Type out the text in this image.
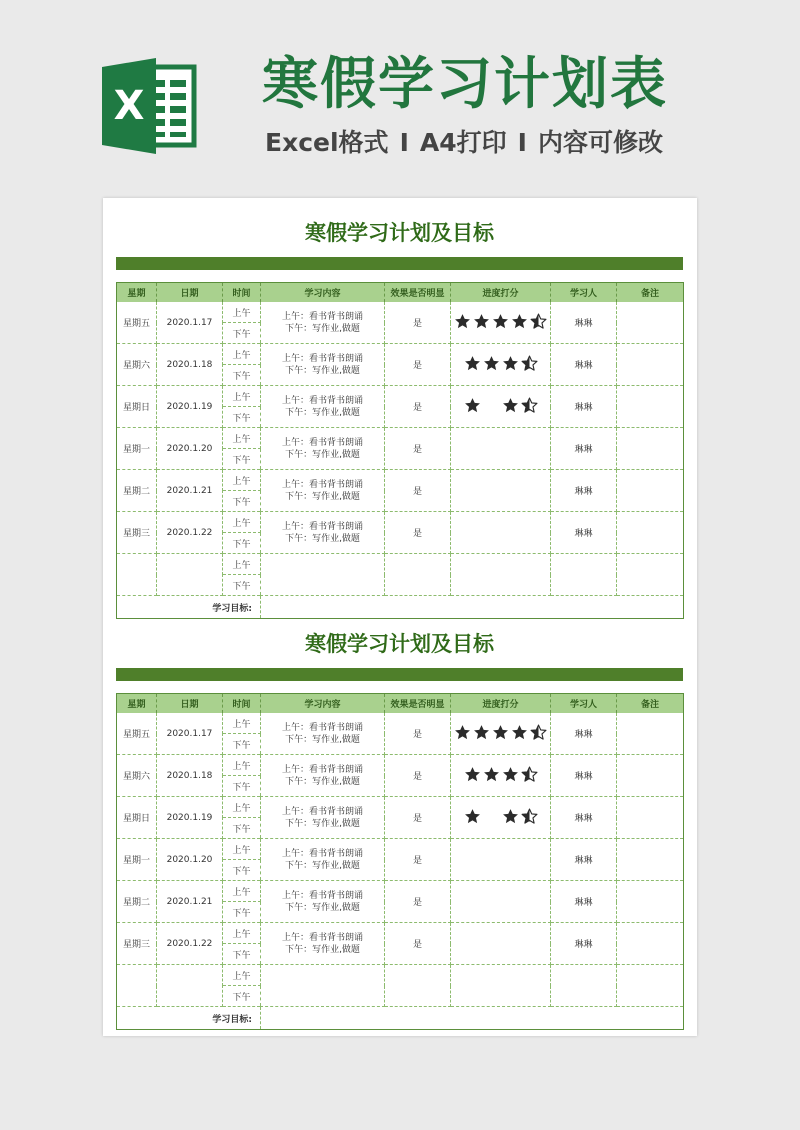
X 寒假学习计划表
Excel格式 I A4打印 I 内容可修改
寒假学习计划及目标
星期	日期	时间	学习内容	效果是否明显	进度打分	学习人	备注
星期五	2020.1.17	上午	上午：看书背书朗诵
下午：写作业,做题	是		琳琳	
		下午					
星期六	2020.1.18	上午	上午：看书背书朗诵
下午：写作业,做题	是		琳琳	
		下午					
星期日	2020.1.19	上午	上午：看书背书朗诵
下午：写作业,做题	是		琳琳	
		下午					
星期一	2020.1.20	上午	上午：看书背书朗诵
下午：写作业,做题	是		琳琳	
		下午					
星期二	2020.1.21	上午	上午：看书背书朗诵
下午：写作业,做题	是		琳琳	
		下午					
星期三	2020.1.22	上午	上午：看书背书朗诵
下午：写作业,做题	是		琳琳	
		下午					
		上午	

		下午					
学习目标:							
寒假学习计划及目标
星期	日期	时间	学习内容	效果是否明显	进度打分	学习人	备注
星期五	2020.1.17	上午	上午：看书背书朗诵
下午：写作业,做题	是		琳琳	
		下午					
星期六	2020.1.18	上午	上午：看书背书朗诵
下午：写作业,做题	是		琳琳	
		下午					
星期日	2020.1.19	上午	上午：看书背书朗诵
下午：写作业,做题	是		琳琳	
		下午					
星期一	2020.1.20	上午	上午：看书背书朗诵
下午：写作业,做题	是		琳琳	
		下午					
星期二	2020.1.21	上午	上午：看书背书朗诵
下午：写作业,做题	是		琳琳	
		下午					
星期三	2020.1.22	上午	上午：看书背书朗诵
下午：写作业,做题	是		琳琳	
		下午					
		上午	

		下午					
学习目标:							
